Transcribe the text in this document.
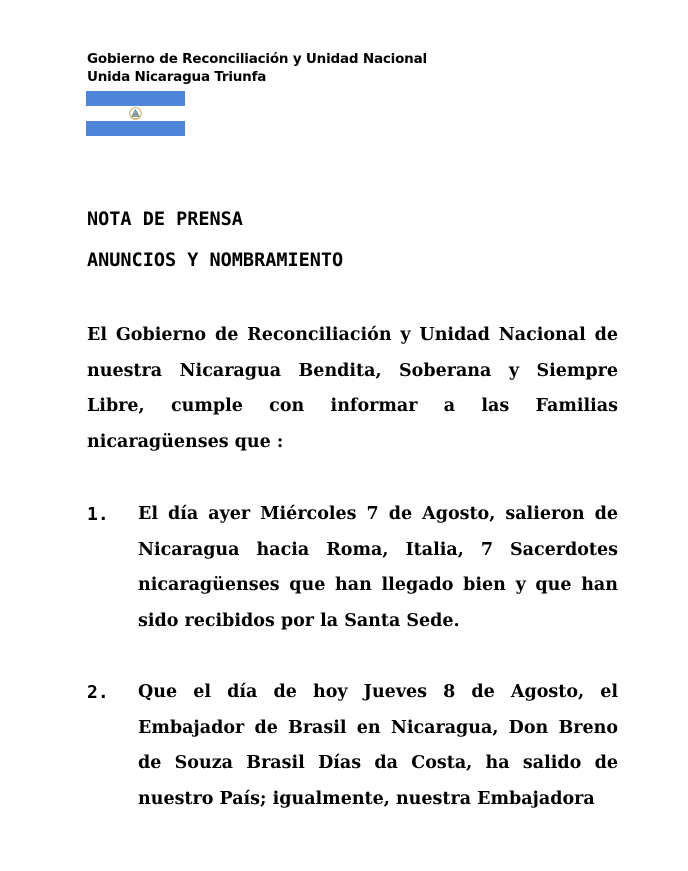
Gobierno de Reconciliación y Unidad Nacional
Unida Nicaragua Triunfa
NOTA DE PRENSA
ANUNCIOS Y NOMBRAMIENTO
El Gobierno de Reconciliación y Unidad Nacional de nuestra Nicaragua Bendita, Soberana y Siempre Libre, cumple con informar a las Familias nicaragüenses que :
1. El día ayer Miércoles 7 de Agosto, salieron de Nicaragua hacia Roma, Italia, 7 Sacerdotes nicaragüenses que han llegado bien y que han sido recibidos por la Santa Sede.
2. Que el día de hoy Jueves 8 de Agosto, el Embajador de Brasil en Nicaragua, Don Breno de Souza Brasil Días da Costa, ha salido de nuestro País; igualmente, nuestra Embajadora
